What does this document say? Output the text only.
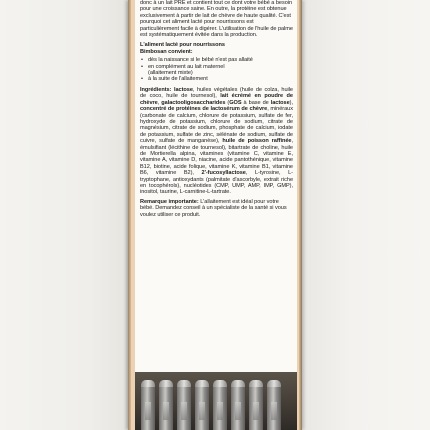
donc à un lait PRE et contient tout ce dont votre bébé a besoin pour une croissance saine. En outre, la protéine est obtenue exclusivement à partir de lait de chèvre de haute qualité. C'est pourquoi cet aliment lacté pour nourrissons est particulièrement facile à digérer. L'utilisation de l'huile de palme est systématiquement évitée dans la production.

L'aliment lacté pour nourrissons
Bimbosan convient:
• dès la naissance si le bébé n'est pas allaité
• en complément au lait maternel
(allaitement mixte)
• à la suite de l'allaitement

Ingrédients: lactose, huiles végétales (huile de colza, huile de coco, huile de tournesol), lait écrémé en poudre de chèvre, galactooligosaccharides (GOS à base de lactose), concentré de protéines de lactosérum de chèvre, minéraux (carbonate de calcium, chlorure de potassium, sulfate de fer, hydroxyde de potassium, chlorure de sodium, citrate de magnésium, citrate de sodium, phosphate de calcium, iodate de potassium, sulfate de zinc, sélénate de sodium, sulfate de cuivre, sulfate de manganèse), huile de poisson raffinée, émulsifiant (lécithine de tournesol), bitartrate de choline, huile de Mortierella alpina, vitamines (vitamine C, vitamine E, vitamine A, vitamine D, niacine, acide pantothénique, vitamine B12, biotine, acide folique, vitamine K, vitamine B1, vitamine B6, vitamine B2), 2'-fucosyllactose, L-tyrosine, L-tryptophane, antioxydants (palmitate d'ascorbyle, extrait riche en tocophérols), nucléotides (CMP, UMP, AMP, IMP, GMP), inositol, taurine, L-carnitine-L-tartrate.

Remarque importante: L'allaitement est idéal pour votre bébé. Demandez conseil à un spécialiste de la santé si vous voulez utiliser ce produit.
